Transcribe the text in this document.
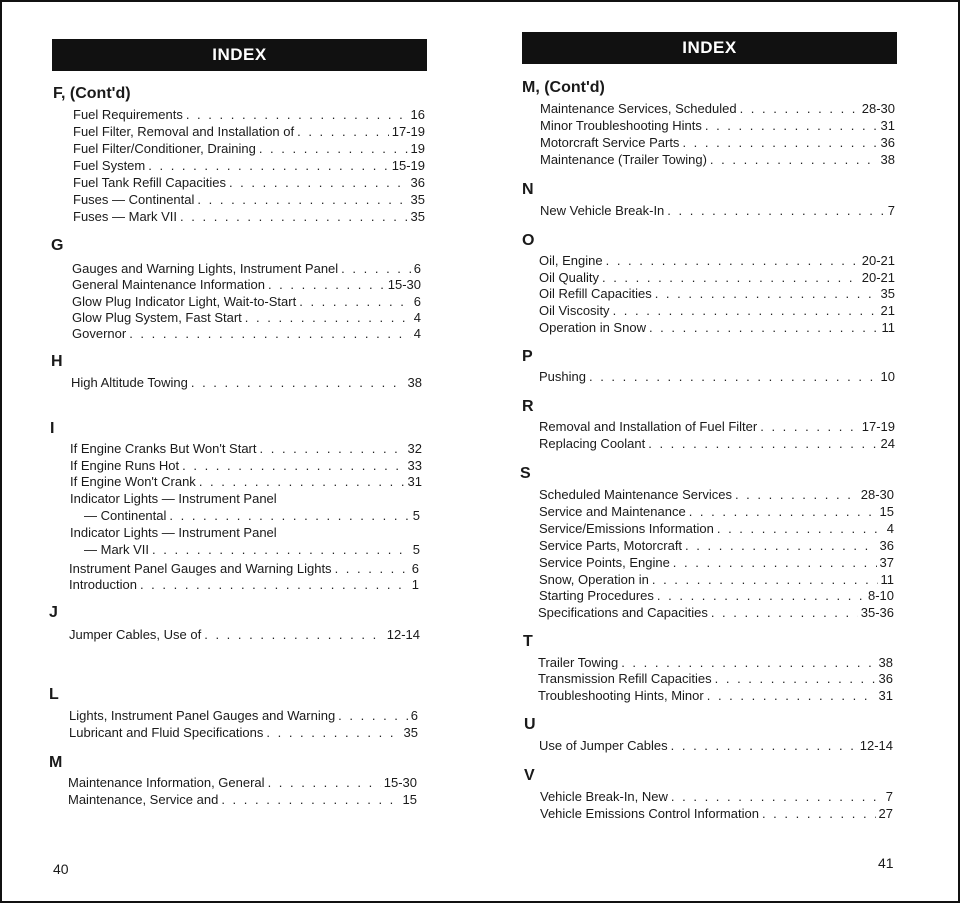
INDEX
F, (Cont'd)
Fuel Requirements . . .	16
Fuel Filter, Removal and Installation of . . .	17-19
Fuel Filter/Conditioner, Draining . . .	19
Fuel System . . .	15-19
Fuel Tank Refill Capacities . . .	36
Fuses — Continental . . .	35
Fuses — Mark VII . . .	35
G
Gauges and Warning Lights, Instrument Panel . . .	6
General Maintenance Information . . .	15-30
Glow Plug Indicator Light, Wait-to-Start . . .	6
Glow Plug System, Fast Start . . .	4
Governor . . .	4
H
High Altitude Towing . . .	38
I
If Engine Cranks But Won't Start . . .	32
If Engine Runs Hot . . .	33
If Engine Won't Crank . . .	31
Indicator Lights — Instrument Panel
— Continental . . .	5
Indicator Lights — Instrument Panel
— Mark VII . . .	5
Instrument Panel Gauges and Warning Lights . . .	6
Introduction . . .	1
J
Jumper Cables, Use of . . .	12-14
L
Lights, Instrument Panel Gauges and Warning . . .	6
Lubricant and Fluid Specifications . . .	35
M
Maintenance Information, General . . .	15-30
Maintenance, Service and . . .	15
40
INDEX
M, (Cont'd)
Maintenance Services, Scheduled . . .	28-30
Minor Troubleshooting Hints . . .	31
Motorcraft Service Parts . . .	36
Maintenance (Trailer Towing) . . .	38
N
New Vehicle Break-In . . .	7
O
Oil, Engine . . .	20-21
Oil Quality . . .	20-21
Oil Refill Capacities . . .	35
Oil Viscosity . . .	21
Operation in Snow . . .	11
P
Pushing . . .	10
R
Removal and Installation of Fuel Filter . . .	17-19
Replacing Coolant . . .	24
S
Scheduled Maintenance Services . . .	28-30
Service and Maintenance . . .	15
Service/Emissions Information . . .	4
Service Parts, Motorcraft . . .	36
Service Points, Engine . . .	37
Snow, Operation in . . .	11
Starting Procedures . . .	8-10
Specifications and Capacities . . .	35-36
T
Trailer Towing . . .	38
Transmission Refill Capacities . . .	36
Troubleshooting Hints, Minor . . .	31
U
Use of Jumper Cables . . .	12-14
V
Vehicle Break-In, New . . .	7
Vehicle Emissions Control Information . . .	27
41
